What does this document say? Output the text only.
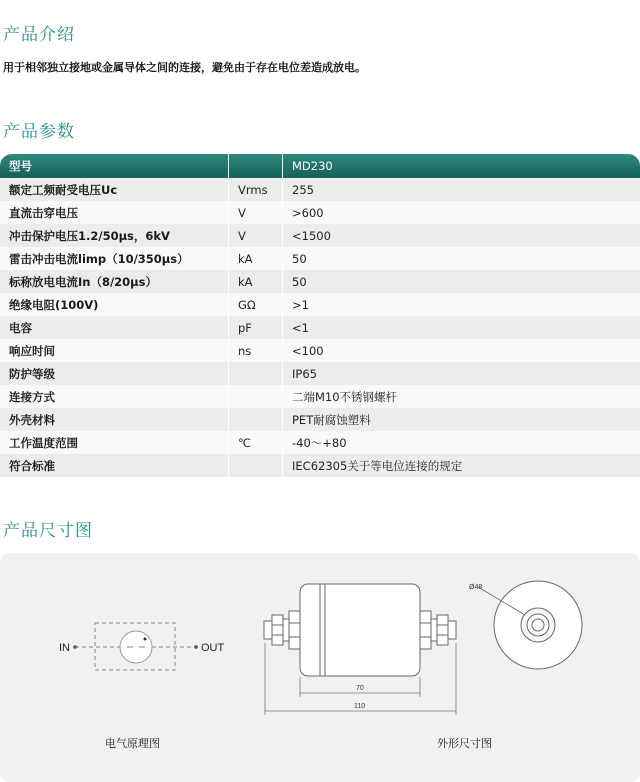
产品介绍

用于相邻独立接地或金属导体之间的连接，避免由于存在电位差造成放电。

产品参数
型号		MD230
额定工频耐受电压Uc	Vrms	255
直流击穿电压	V	>600
冲击保护电压1.2/50μs，6kV	V	<1500
雷击冲击电流limp（10/350μs）	kA	50
标称放电电流In（8/20μs）	kA	50
绝缘电阻(100V)	GΩ	>1
电容	pF	<1
响应时间	ns	<100
防护等级		IP65
连接方式		二端M10不锈钢螺杆
外壳材料		PET耐腐蚀塑料
工作温度范围	℃	-40～+80
符合标准		IEC62305关于等电位连接的规定
产品尺寸图
IN	OUT
70
110
Ø48

电气原理图	外形尺寸图
